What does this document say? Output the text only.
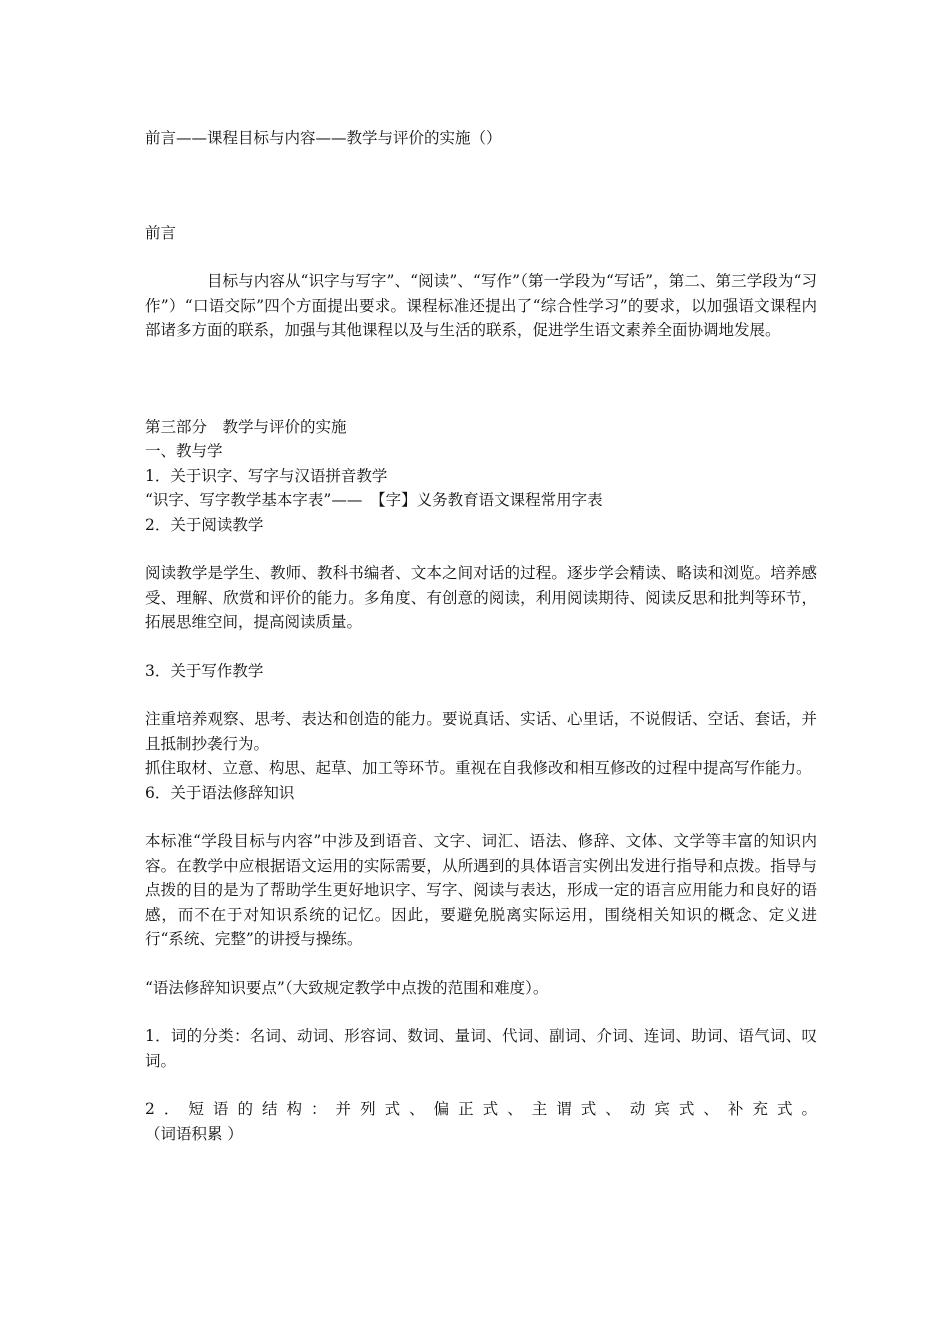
前言——课程目标与内容——教学与评价的实施（）
前言

目标与内容从“识字与写字”、“阅读”、“写作”（第一学段为“写话”，第二、第三学段为“习作”）“口语交际”四个方面提出要求。课程标准还提出了“综合性学习”的要求，以加强语文课程内部诸多方面的联系，加强与其他课程以及与生活的联系，促进学生语文素养全面协调地发展。

第三部分　教学与评价的实施
一、教与学
1．关于识字、写字与汉语拼音教学
“识字、写字教学基本字表”——　【字】义务教育语文课程常用字表
2．关于阅读教学

阅读教学是学生、教师、教科书编者、文本之间对话的过程。逐步学会精读、略读和浏览。培养感受、理解、欣赏和评价的能力。多角度、有创意的阅读，利用阅读期待、阅读反思和批判等环节，拓展思维空间，提高阅读质量。

3．关于写作教学

注重培养观察、思考、表达和创造的能力。要说真话、实话、心里话，不说假话、空话、套话，并且抵制抄袭行为。

抓住取材、立意、构思、起草、加工等环节。重视在自我修改和相互修改的过程中提高写作能力。

6．关于语法修辞知识

本标准“学段目标与内容”中涉及到语音、文字、词汇、语法、修辞、文体、文学等丰富的知识内容。在教学中应根据语文运用的实际需要，从所遇到的具体语言实例出发进行指导和点拨。指导与点拨的目的是为了帮助学生更好地识字、写字、阅读与表达，形成一定的语言应用能力和良好的语感，而不在于对知识系统的记忆。因此，要避免脱离实际运用，围绕相关知识的概念、定义进行“系统、完整”的讲授与操练。

“语法修辞知识要点”（大致规定教学中点拨的范围和难度）。

1．词的分类：名词、动词、形容词、数词、量词、代词、副词、介词、连词、助词、语气词、叹词。

2．短语的结构：并列式、偏正式、主谓式、动宾式、补充式。
（词语积累 ）
